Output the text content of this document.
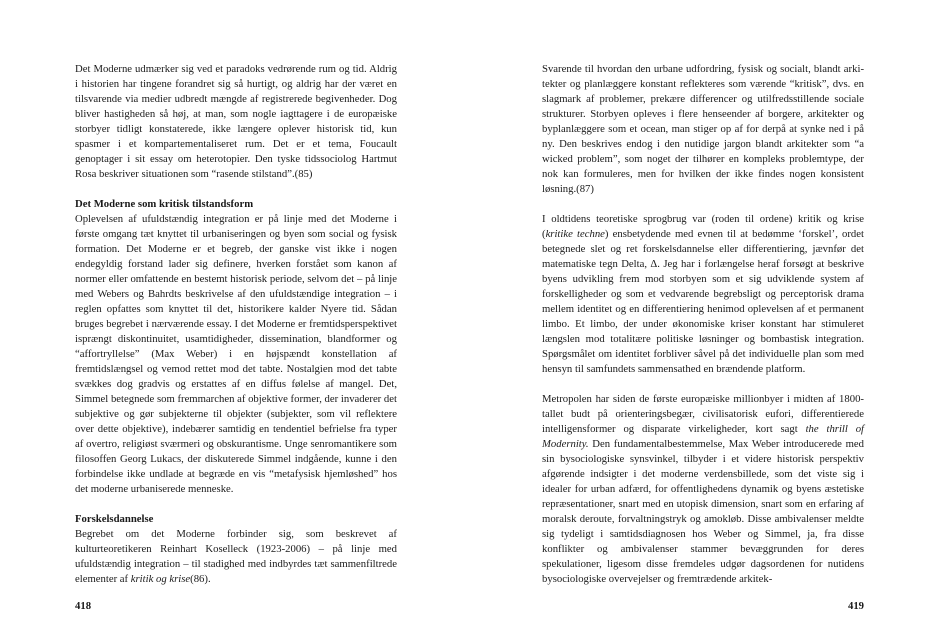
Det Moderne udmærker sig ved et paradoks vedrørende rum og tid. Aldrig i historien har tingene forandret sig så hurtigt, og aldrig har der været en tilsvarende via medier udbredt mængde af registrerede begivenheder. Dog bliver hastigheden så høj, at man, som nogle iagttagere i de europæiske storbyer tidligt konstaterede, ikke længere oplever historisk tid, kun spasmer i et kompartementaliseret rum. Det er et tema, Foucault genoptager i sit essay om heterotopier. Den tyske tidssociolog Hartmut Rosa beskriver situationen som “rasende stilstand”.(85)

Det Moderne som kritisk tilstandsform

Oplevelsen af ufuldstændig integration er på linje med det Moderne i første omgang tæt knyttet til urbaniseringen og byen som social og fysisk formation. Det Moderne er et begreb, der ganske vist ikke i nogen endegyldig forstand lader sig definere, hverken forstået som kanon af normer eller omfattende en bestemt historisk periode, selvom det – på linje med Webers og Bahrdts beskrivelse af den ufuldstændige integration – i reglen opfattes som knyttet til det, historikere kalder Nyere tid. Sådan bruges begrebet i nærværende essay. I det Moderne er fremtidsperspektivet isprængt diskontinuitet, usamtidigheder, dissemination, blandformer og “affortryllelse” (Max Weber) i en højspændt konstellation af fremtidslængsel og vemod rettet mod det tabte. Nostalgien mod det tabte svækkes dog gradvis og erstattes af en diffus følelse af mangel. Det, Simmel betegnede som fremmarchen af objektive former, der invaderer det subjektive og gør subjekterne til objekter (subjekter, som vil reflektere over dette objektive), indebærer samtidig en tendentiel befrielse fra typer af overtro, religiøst sværmeri og obskurantisme. Unge senromantikere som filosoffen Georg Lukacs, der diskuterede Simmel indgående, kunne i den forbindelse ikke undlade at begræde en vis “metafysisk hjemløshed” hos det moderne urbaniserede menneske.

Forskelsdannelse

Begrebet om det Moderne forbinder sig, som beskrevet af kulturteoretikeren Reinhart Koselleck (1923-2006) – på linje med ufuldstændig integration – til stadighed med indbyrdes tæt sammenfiltrede elementer af kritik og krise(86).

418

Svarende til hvordan den urbane udfordring, fysisk og socialt, blandt arkitekter og planlæggere konstant reflekteres som værende “kritisk”, dvs. en slagmark af problemer, prekære differencer og utilfredsstillende sociale strukturer. Storbyen opleves i flere henseender af borgere, arkitekter og byplanlæggere som et ocean, man stiger op af for derpå at synke ned i på ny. Den beskrives endog i den nutidige jargon blandt arkitekter som “a wicked problem”, som noget der tilhører en kompleks problemtype, der nok kan formuleres, men for hvilken der ikke findes nogen konsistent løsning.(87)

I oldtidens teoretiske sprogbrug var (roden til ordene) kritik og krise (kritike techne) ensbetydende med evnen til at bedømme ‘forskel’, ordet betegnede slet og ret forskelsdannelse eller differentiering, jævnfør det matematiske tegn Delta, Δ. Jeg har i forlængelse heraf forsøgt at beskrive byens udvikling frem mod storbyen som et sig udviklende system af forskelligheder og som et vedvarende begrebsligt og perceptorisk drama mellem identitet og en differentiering henimod oplevelsen af et permanent limbo. Et limbo, der under økonomiske kriser konstant har stimuleret længslen mod totalitære politiske løsninger og bombastisk integration. Spørgsmålet om identitet forbliver såvel på det individuelle plan som med hensyn til samfundets sammensathed en brændende platform.

Metropolen har siden de første europæiske millionbyer i midten af 1800-tallet budt på orienteringsbegær, civilisatorisk eufori, differentierede intelligensformer og disparate virkeligheder, kort sagt the thrill of Modernity. Den fundamentalbestemmelse, Max Weber introducerede med sin bysociologiske synsvinkel, tilbyder i et videre historisk perspektiv afgørende indsigter i det moderne verdensbillede, som det viste sig i idealer for urban adfærd, for offentlighedens dynamik og byens æstetiske repræsentationer, snart med en utopisk dimension, snart som en erfaring af moralsk deroute, forvaltningstryk og amokløb. Disse ambivalenser meldte sig tydeligt i samtidsdiagnosen hos Weber og Simmel, ja, fra disse konflikter og ambivalenser stammer bevæggrunden for deres spekulationer, ligesom disse fremdeles udgør dagsordenen for nutidens bysociologiske overvejelser og fremtrædende arkitek-

419
